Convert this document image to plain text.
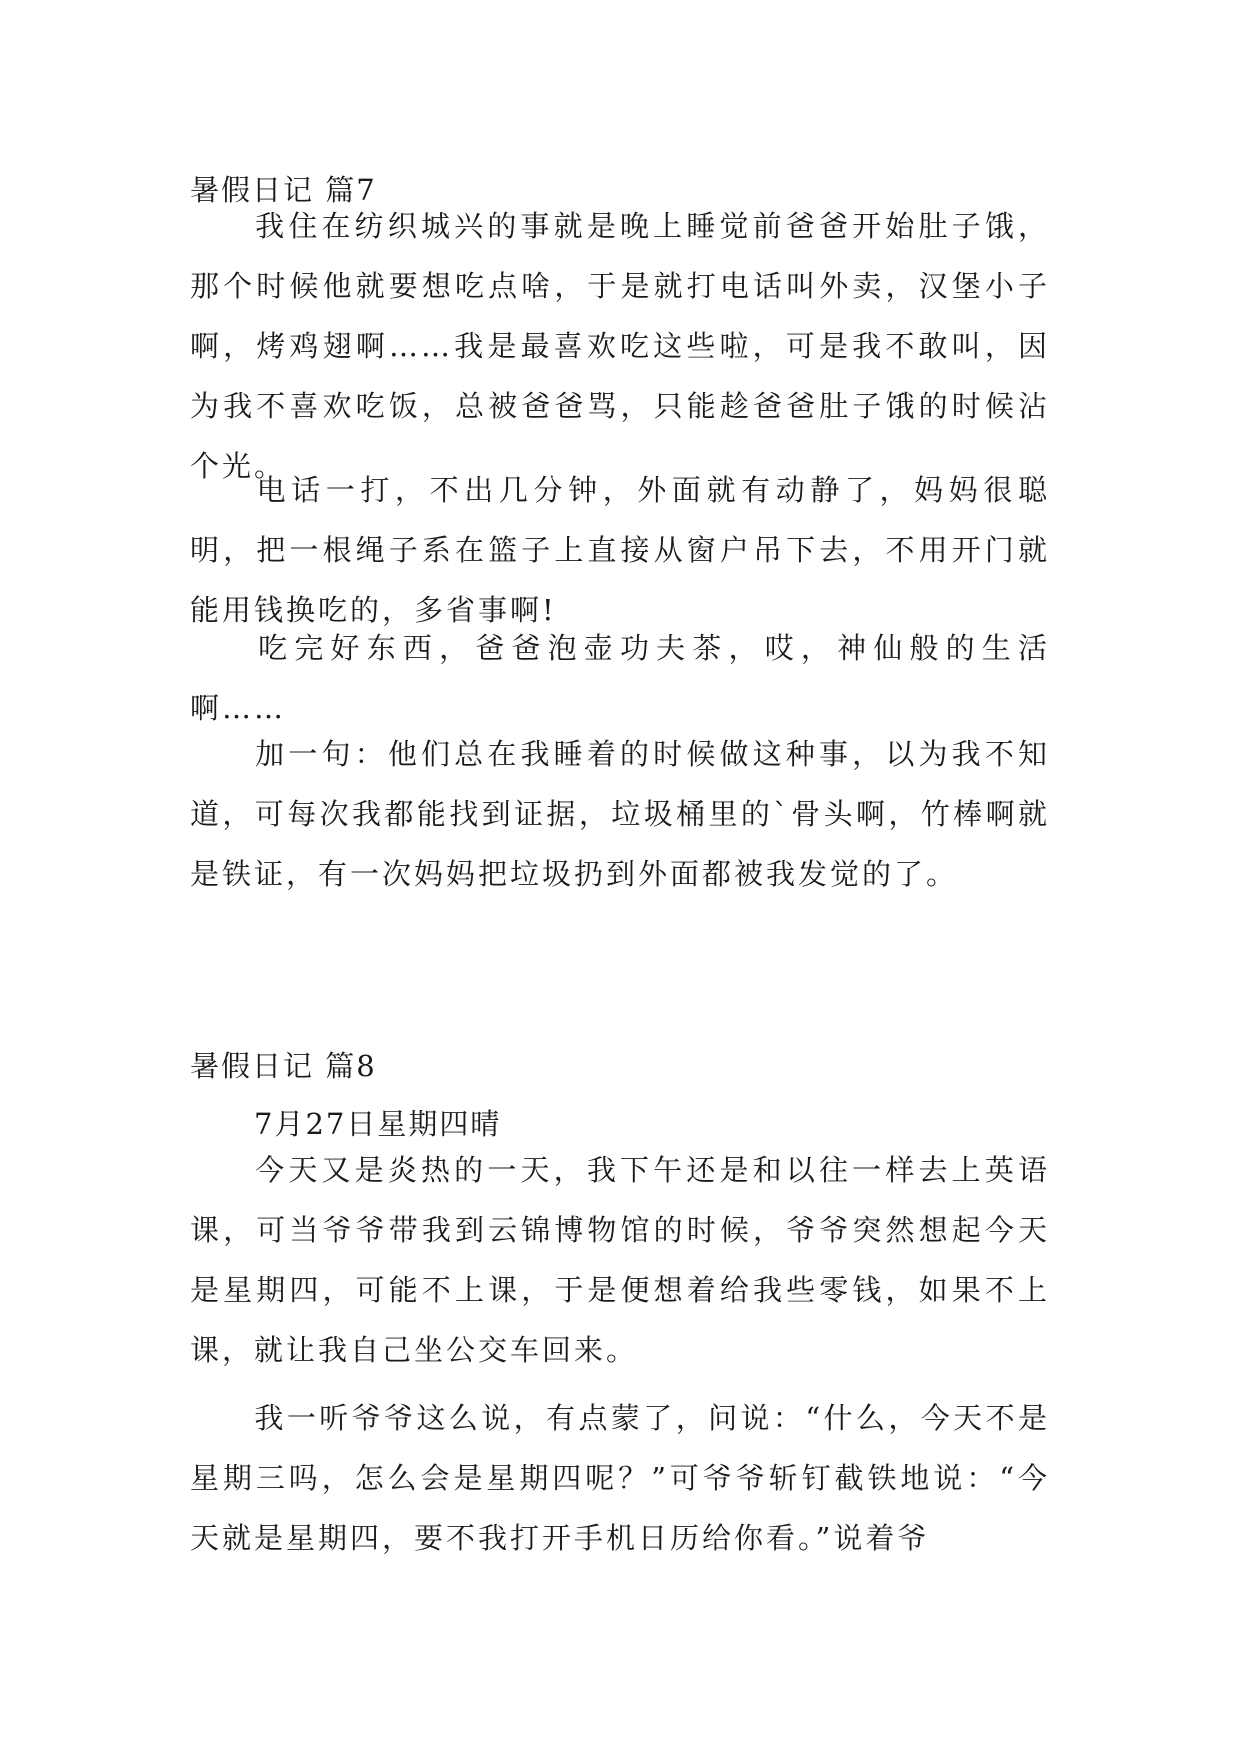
暑假日记 篇7
我住在纺织城兴的事就是晚上睡觉前爸爸开始肚子饿，那个时候他就要想吃点啥，于是就打电话叫外卖，汉堡小子啊，烤鸡翅啊……我是最喜欢吃这些啦，可是我不敢叫，因为我不喜欢吃饭，总被爸爸骂，只能趁爸爸肚子饿的时候沾个光。
电话一打，不出几分钟，外面就有动静了，妈妈很聪明，把一根绳子系在篮子上直接从窗户吊下去，不用开门就能用钱换吃的，多省事啊!
吃完好东西，爸爸泡壶功夫茶，哎，神仙般的生活啊……
加一句：他们总在我睡着的时候做这种事，以为我不知道，可每次我都能找到证据，垃圾桶里的`骨头啊，竹棒啊就是铁证，有一次妈妈把垃圾扔到外面都被我发觉的了。
暑假日记 篇8
7月27日星期四晴
今天又是炎热的一天，我下午还是和以往一样去上英语课，可当爷爷带我到云锦博物馆的时候，爷爷突然想起今天是星期四，可能不上课，于是便想着给我些零钱，如果不上课，就让我自己坐公交车回来。
我一听爷爷这么说，有点蒙了，问说：“什么，今天不是星期三吗，怎么会是星期四呢？”可爷爷斩钉截铁地说：“今天就是星期四，要不我打开手机日历给你看。”说着爷
